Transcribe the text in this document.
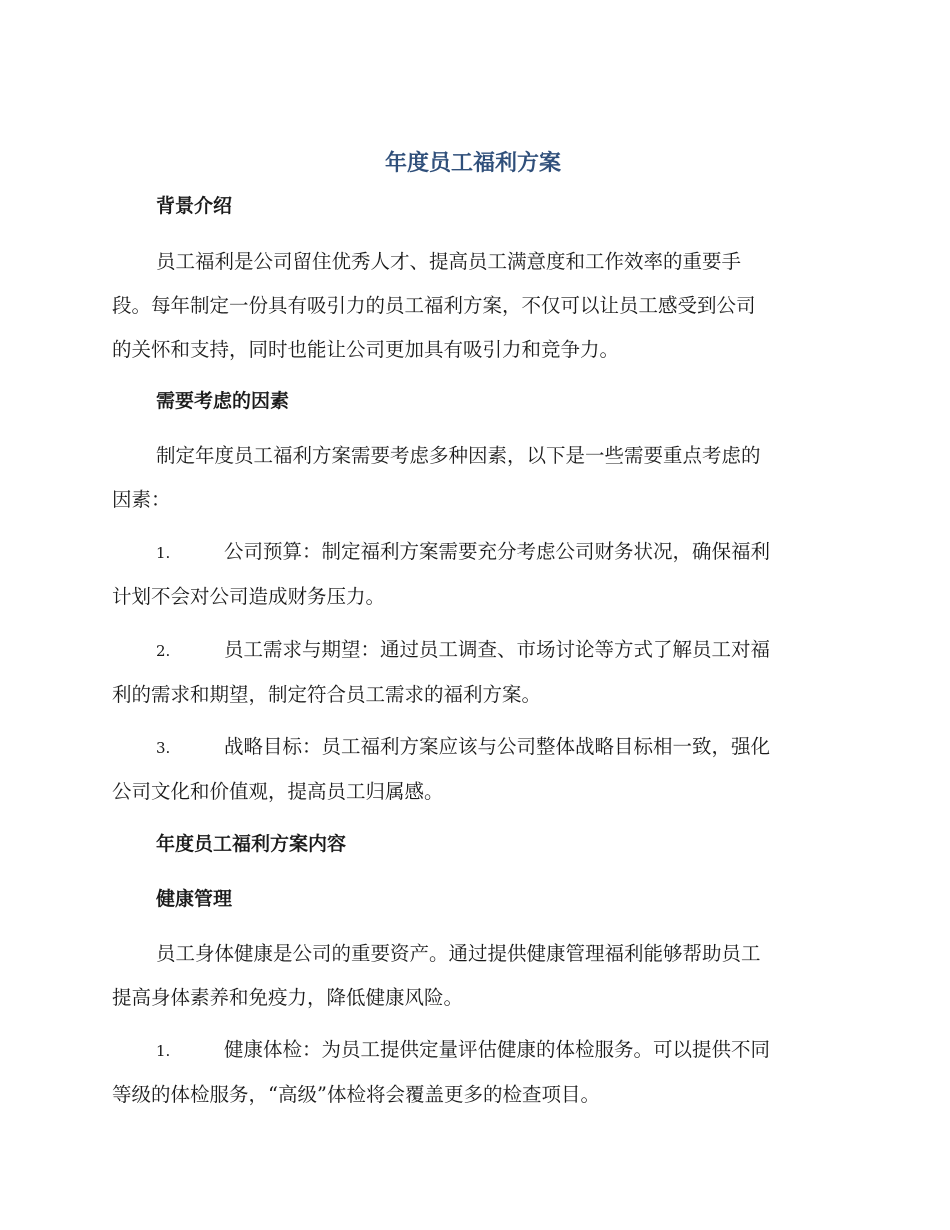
年度员工福利方案
背景介绍
员工福利是公司留住优秀人才、提高员工满意度和工作效率的重要手
段。每年制定一份具有吸引力的员工福利方案，不仅可以让员工感受到公司
的关怀和支持，同时也能让公司更加具有吸引力和竞争力。
需要考虑的因素
制定年度员工福利方案需要考虑多种因素，以下是一些需要重点考虑的
因素：
1.	公司预算：制定福利方案需要充分考虑公司财务状况，确保福利
计划不会对公司造成财务压力。
2.	员工需求与期望：通过员工调查、市场讨论等方式了解员工对福
利的需求和期望，制定符合员工需求的福利方案。
3.	战略目标：员工福利方案应该与公司整体战略目标相一致，强化
公司文化和价值观，提高员工归属感。
年度员工福利方案内容
健康管理
员工身体健康是公司的重要资产。通过提供健康管理福利能够帮助员工
提高身体素养和免疫力，降低健康风险。
1.	健康体检：为员工提供定量评估健康的体检服务。可以提供不同
等级的体检服务，“高级”体检将会覆盖更多的检查项目。
